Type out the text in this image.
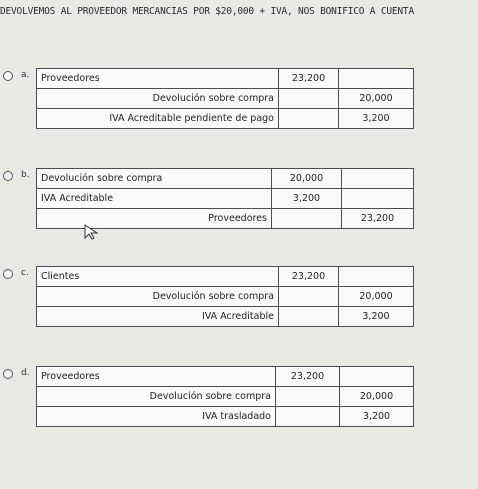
DEVOLVEMOS AL PROVEEDOR MERCANCIAS POR $20,000 + IVA, NOS BONIFICO A CUENTA
a. Proveedores	23,200	
Devolución sobre compra		20,000
IVA Acreditable pendiente de pago		3,200
b. Devolución sobre compra	20,000	
IVA Acreditable	3,200	
Proveedores		23,200
c. Clientes	23,200	
Devolución sobre compra		20,000
IVA Acreditable		3,200
d. Proveedores	23,200	
Devolución sobre compra		20,000
IVA trasladado		3,200
